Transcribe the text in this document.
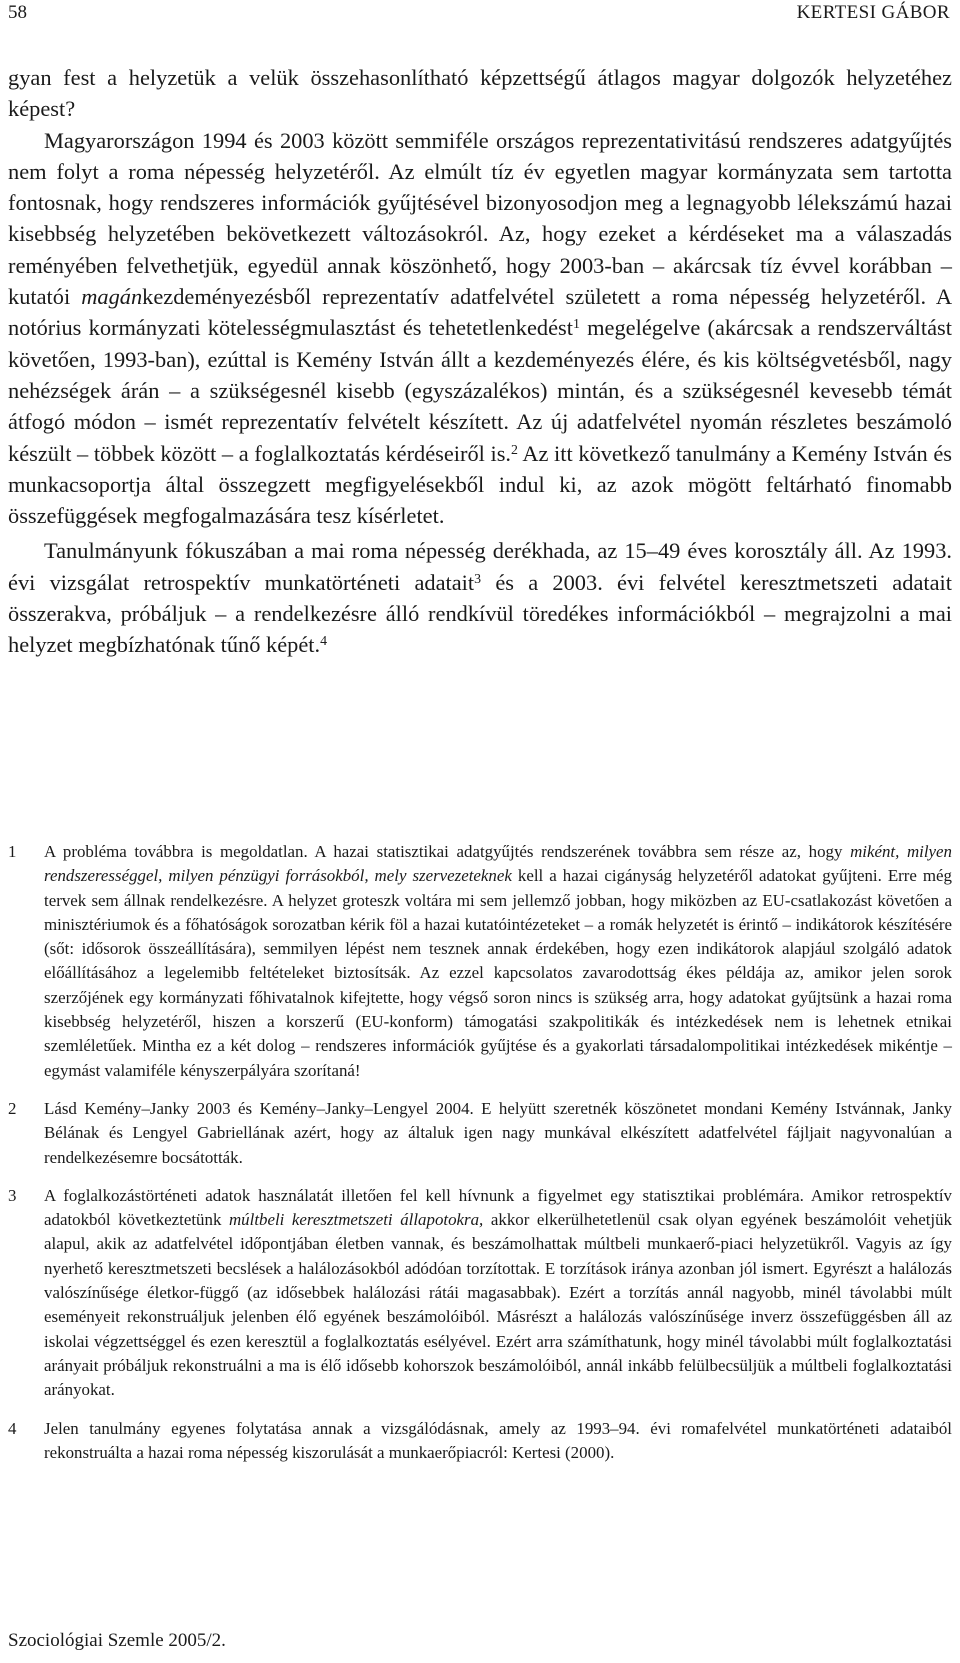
58	KERTESI GÁBOR

gyan fest a helyzetük a velük összehasonlítható képzettségű átlagos magyar dolgozók helyzetéhez képest?

Magyarországon 1994 és 2003 között semmiféle országos reprezentativitású rendszeres adatgyűjtés nem folyt a roma népesség helyzetéről. Az elmúlt tíz év egyetlen magyar kormányzata sem tartotta fontosnak, hogy rendszeres információk gyűjtésével bizonyosodjon meg a legnagyobb lélekszámú hazai kisebbség helyzetében bekövetkezett változásokról. Az, hogy ezeket a kérdéseket ma a válaszadás reményében felvethetjük, egyedül annak köszönhető, hogy 2003-ban – akárcsak tíz évvel korábban – kutatói magánkezdeményezésből reprezentatív adatfelvétel született a roma népesség helyzetéről. A notórius kormányzati kötelességmulasztást és tehetetlenkedést$^1$ megelégelve (akárcsak a rendszerváltást követően, 1993-ban), ezúttal is Kemény István állt a kezdeményezés élére, és kis költségvetésből, nagy nehézségek árán – a szükségesnél kisebb (egyszázalékos) mintán, és a szükségesnél kevesebb témát átfogó módon – ismét reprezentatív felvételt készített. Az új adatfelvétel nyomán részletes beszámoló készült – többek között – a foglalkoztatás kérdéseiről is.$^2$ Az itt következő tanulmány a Kemény István és munkacsoportja által összegzett megfigyelésekből indul ki, az azok mögött feltárható finomabb összefüggések megfogalmazására tesz kísérletet.

Tanulmányunk fókuszában a mai roma népesség derékhada, az 15–49 éves korosztály áll. Az 1993. évi vizsgálat retrospektív munkatörténeti adatait$^3$ és a 2003. évi felvétel keresztmetszeti adatait összerakva, próbáljuk – a rendelkezésre álló rendkívül töredékes információkból – megrajzolni a mai helyzet megbízhatónak tűnő képét.$^4$

1 A probléma továbbra is megoldatlan. A hazai statisztikai adatgyűjtés rendszerének továbbra sem része az, hogy miként, milyen rendszerességgel, milyen pénzügyi forrásokból, mely szervezeteknek kell a hazai cigányság helyzetéről adatokat gyűjteni. Erre még tervek sem állnak rendelkezésre. A helyzet groteszk voltára mi sem jellemző jobban, hogy miközben az EU-csatlakozást követően a minisztériumok és a főhatóságok sorozatban kérik föl a hazai kutatóintézeteket – a romák helyzetét is érintő – indikátorok készítésére (sőt: idősorok összeállítására), semmilyen lépést nem tesznek annak érdekében, hogy ezen indikátorok alapjául szolgáló adatok előállításához a legelemibb feltételeket biztosítsák. Az ezzel kapcsolatos zavarodottság ékes példája az, amikor jelen sorok szerzőjének egy kormányzati főhivatalnok kifejtette, hogy végső soron nincs is szükség arra, hogy adatokat gyűjtsünk a hazai roma kisebbség helyzetéről, hiszen a korszerű (EU-konform) támogatási szakpolitikák és intézkedések nem is lehetnek etnikai szemléletűek. Mintha ez a két dolog – rendszeres információk gyűjtése és a gyakorlati társadalompolitikai intézkedések mikéntje – egymást valamiféle kényszerpályára szorítaná!
2 Lásd Kemény–Janky 2003 és Kemény–Janky–Lengyel 2004. E helyütt szeretnék köszönetet mondani Kemény Istvánnak, Janky Bélának és Lengyel Gabriellának azért, hogy az általuk igen nagy munkával elkészített adatfelvétel fájljait nagyvonalúan a rendelkezésemre bocsátották.
3 A foglalkozástörténeti adatok használatát illetően fel kell hívnunk a figyelmet egy statisztikai problémára. Amikor retrospektív adatokból következtetünk múltbeli keresztmetszeti állapotokra, akkor elkerülhetetlenül csak olyan egyének beszámolóit vehetjük alapul, akik az adatfelvétel időpontjában életben vannak, és beszámolhattak múltbeli munkaerő-piaci helyzetükről. Vagyis az így nyerhető keresztmetszeti becslések a halálozásokból adódóan torzítottak. E torzítások iránya azonban jól ismert. Egyrészt a halálozás valószínűsége életkor-függő (az idősebbek halálozási rátái magasabbak). Ezért a torzítás annál nagyobb, minél távolabbi múlt eseményeit rekonstruáljuk jelenben élő egyének beszámolóiból. Másrészt a halálozás valószínűsége inverz összefüggésben áll az iskolai végzettséggel és ezen keresztül a foglalkoztatás esélyével. Ezért arra számíthatunk, hogy minél távolabbi múlt foglalkoztatási arányait próbáljuk rekonstruálni a ma is élő idősebb kohorszok beszámolóiból, annál inkább felülbecsüljük a múltbeli foglalkoztatási arányokat.
4 Jelen tanulmány egyenes folytatása annak a vizsgálódásnak, amely az 1993–94. évi romafelvétel munkatörténeti adataiból rekonstruálta a hazai roma népesség kiszorulását a munkaerőpiacról: Kertesi (2000).
Szociológiai Szemle 2005/2.
